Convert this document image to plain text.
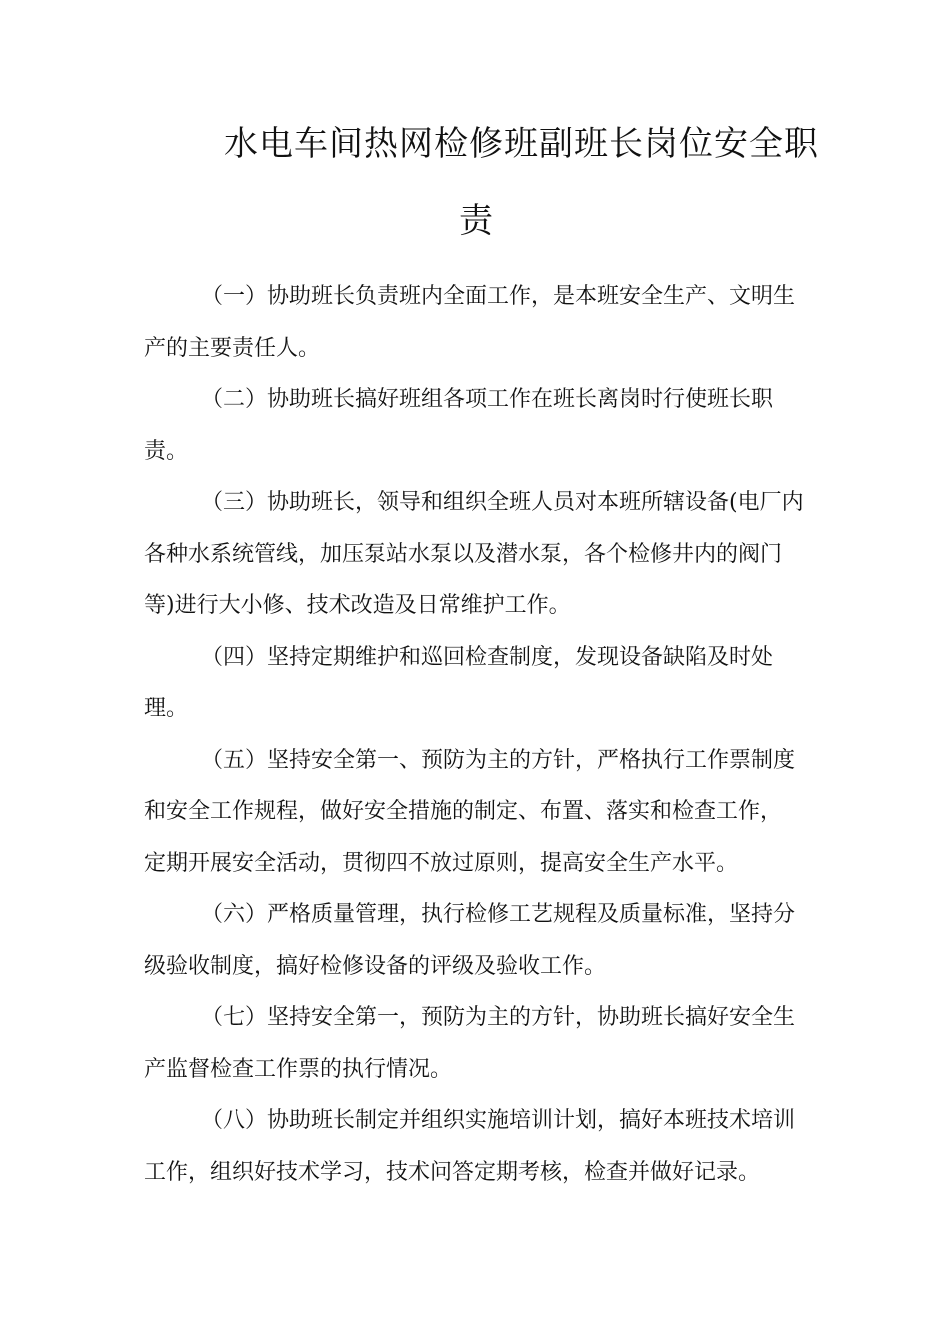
水电车间热网检修班副班长岗位安全职
责

（一）协助班长负责班内全面工作，是本班安全生产、文明生
产的主要责任人。

（二）协助班长搞好班组各项工作在班长离岗时行使班长职
责。

（三）协助班长，领导和组织全班人员对本班所辖设备(电厂内
各种水系统管线，加压泵站水泵以及潜水泵，各个检修井内的阀门
等)进行大小修、技术改造及日常维护工作。

（四）坚持定期维护和巡回检查制度，发现设备缺陷及时处
理。

（五）坚持安全第一、预防为主的方针，严格执行工作票制度
和安全工作规程，做好安全措施的制定、布置、落实和检查工作，
定期开展安全活动，贯彻四不放过原则，提高安全生产水平。

（六）严格质量管理，执行检修工艺规程及质量标准，坚持分
级验收制度，搞好检修设备的评级及验收工作。

（七）坚持安全第一，预防为主的方针，协助班长搞好安全生
产监督检查工作票的执行情况。

（八）协助班长制定并组织实施培训计划，搞好本班技术培训
工作，组织好技术学习，技术问答定期考核，检查并做好记录。
